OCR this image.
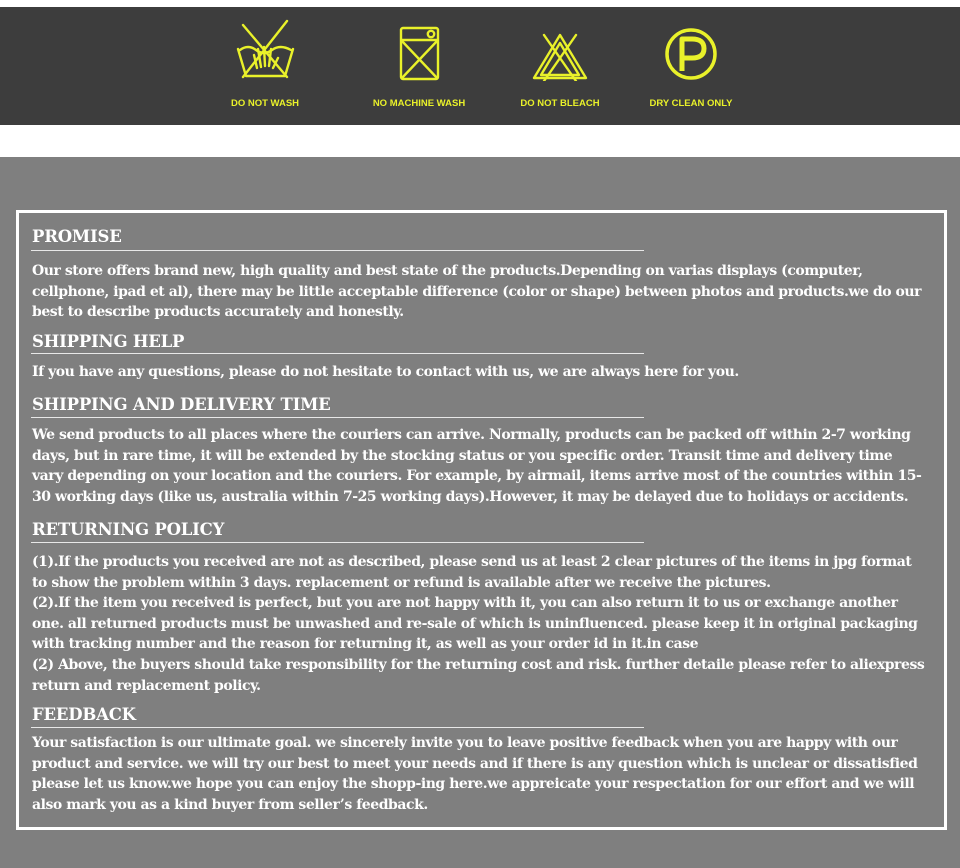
DO NOT WASH	NO MACHINE WASH	DO NOT BLEACH	DRY CLEAN ONLY
PROMISE

Our store offers brand new, high quality and best state of the products.Depending on varias displays (computer, cellphone, ipad et al), there may be little acceptable difference (color or shape) between photos and products.we do our best to describe products accurately and honestly.

SHIPPING HELP

If you have any questions, please do not hesitate to contact with us, we are always here for you.

SHIPPING AND DELIVERY TIME

We send products to all places where the couriers can arrive. Normally, products can be packed off within 2-7 working days, but in rare time, it will be extended by the stocking status or you specific order. Transit time and delivery time vary depending on your location and the couriers. For example, by airmail, items arrive most of the countries within 15-30 working days (like us, australia within 7-25 working days).However, it may be delayed due to holidays or accidents.

RETURNING POLICY

(1).If the products you received are not as described, please send us at least 2 clear pictures of the items in jpg format to show the problem within 3 days. replacement or refund is available after we receive the pictures.
(2).If the item you received is perfect, but you are not happy with it, you can also return it to us or exchange another one. all returned products must be unwashed and re-sale of which is uninfluenced. please keep it in original packaging with tracking number and the reason for returning it, as well as your order id in it.in case
(2) Above, the buyers should take responsibility for the returning cost and risk. further detaile please refer to aliexpress return and replacement policy.

FEEDBACK

Your satisfaction is our ultimate goal. we sincerely invite you to leave positive feedback when you are happy with our product and service. we will try our best to meet your needs and if there is any question which is unclear or dissatisfied please let us know.we hope you can enjoy the shopp-ing here.we appreicate your respectation for our effort and we will also mark you as a kind buyer from seller’s feedback.
